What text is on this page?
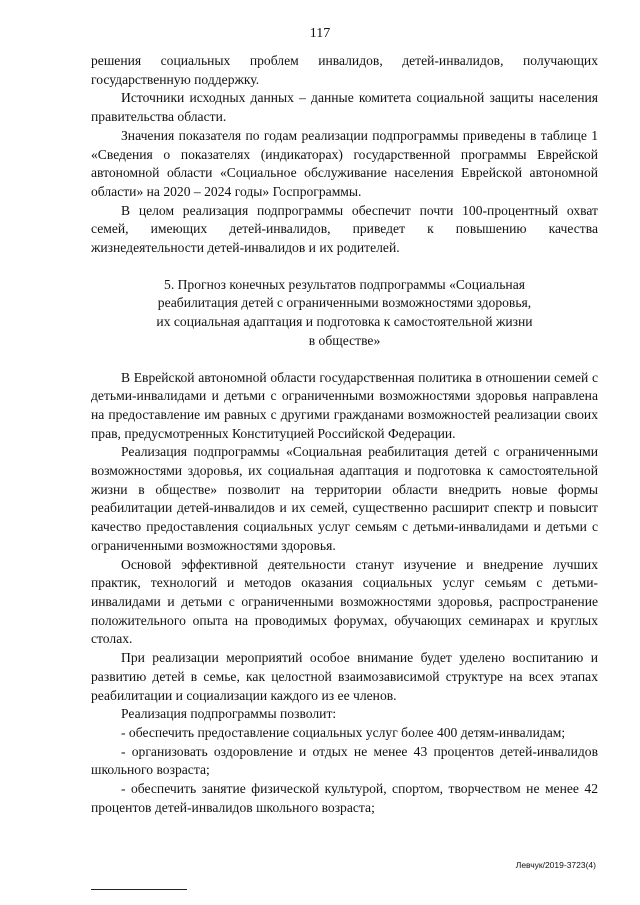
117

решения социальных проблем инвалидов, детей-инвалидов, получающих государственную поддержку.

Источники исходных данных – данные комитета социальной защиты населения правительства области.

Значения показателя по годам реализации подпрограммы приведены в таблице 1 «Сведения о показателях (индикаторах) государственной программы Еврейской автономной области «Социальное обслуживание населения Еврейской автономной области» на 2020 – 2024 годы» Госпрограммы.

В целом реализация подпрограммы обеспечит почти 100-процентный охват семей, имеющих детей-инвалидов, приведет к повышению качества жизнедеятельности детей-инвалидов и их родителей.

5. Прогноз конечных результатов подпрограммы «Социальная
реабилитация детей с ограниченными возможностями здоровья,
их социальная адаптация и подготовка к самостоятельной жизни
в обществе»

В Еврейской автономной области государственная политика в отношении семей с детьми-инвалидами и детьми с ограниченными возможностями здоровья направлена на предоставление им равных с другими гражданами возможностей реализации своих прав, предусмотренных Конституцией Российской Федерации.

Реализация подпрограммы «Социальная реабилитация детей с ограниченными возможностями здоровья, их социальная адаптация и подготовка к самостоятельной жизни в обществе» позволит на территории области внедрить новые формы реабилитации детей-инвалидов и их семей, существенно расширит спектр и повысит качество предоставления социальных услуг семьям с детьми-инвалидами и детьми с ограниченными возможностями здоровья.

Основой эффективной деятельности станут изучение и внедрение лучших практик, технологий и методов оказания социальных услуг семьям с детьми-инвалидами и детьми с ограниченными возможностями здоровья, распространение положительного опыта на проводимых форумах, обучающих семинарах и круглых столах.

При реализации мероприятий особое внимание будет уделено воспитанию и развитию детей в семье, как целостной взаимозависимой структуре на всех этапах реабилитации и социализации каждого из ее членов.

Реализация подпрограммы позволит:

- обеспечить предоставление социальных услуг более 400 детям-инвалидам;

- организовать оздоровление и отдых не менее 43 процентов детей-инвалидов школьного возраста;

- обеспечить занятие физической культурой, спортом, творчеством не менее 42 процентов детей-инвалидов школьного возраста;

Левчук/2019-3723(4)
